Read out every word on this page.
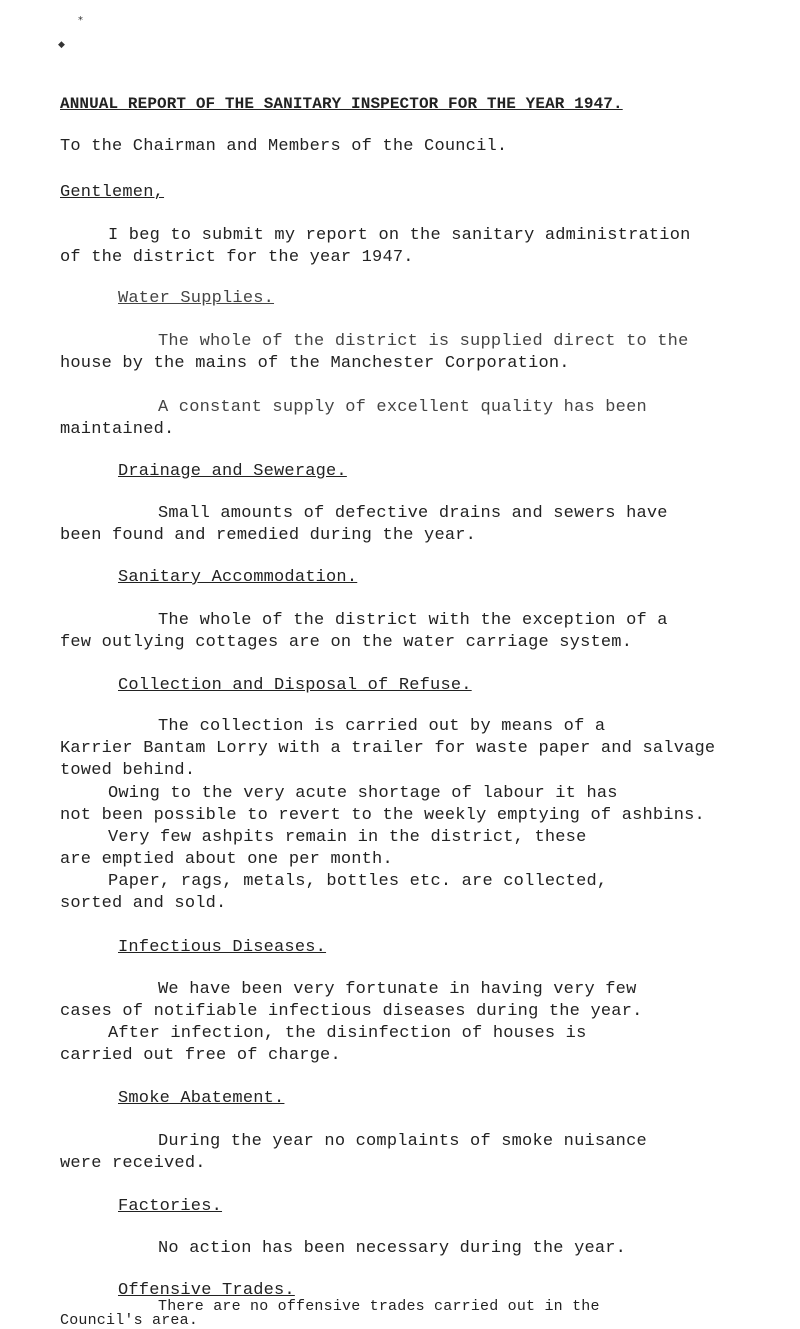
⁎
◆
ANNUAL REPORT OF THE SANITARY INSPECTOR FOR THE YEAR 1947.
To the Chairman and Members of the Council.
Gentlemen,
I beg to submit my report on the sanitary administration
of the district for the year 1947.
Water Supplies.
The whole of the district is supplied direct to the
house by the mains of the Manchester Corporation.
A constant supply of excellent quality has been
maintained.
Drainage and Sewerage.
Small amounts of defective drains and sewers have
been found and remedied during the year.
Sanitary Accommodation.
The whole of the district with the exception of a
few outlying cottages are on the water carriage system.
Collection and Disposal of Refuse.
The collection is carried out by means of a
Karrier Bantam Lorry with a trailer for waste paper and salvage
towed behind.
Owing to the very acute shortage of labour it has
not been possible to revert to the weekly emptying of ashbins.
Very few ashpits remain in the district, these
are emptied about one per month.
Paper, rags, metals, bottles etc. are collected,
sorted and sold.
Infectious Diseases.
We have been very fortunate in having very few
cases of notifiable infectious diseases during the year.
After infection, the disinfection of houses is
carried out free of charge.
Smoke Abatement.
During the year no complaints of smoke nuisance
were received.
Factories.
No action has been necessary during the year.
Offensive Trades.
There are no offensive trades carried out in the
Council's area.
